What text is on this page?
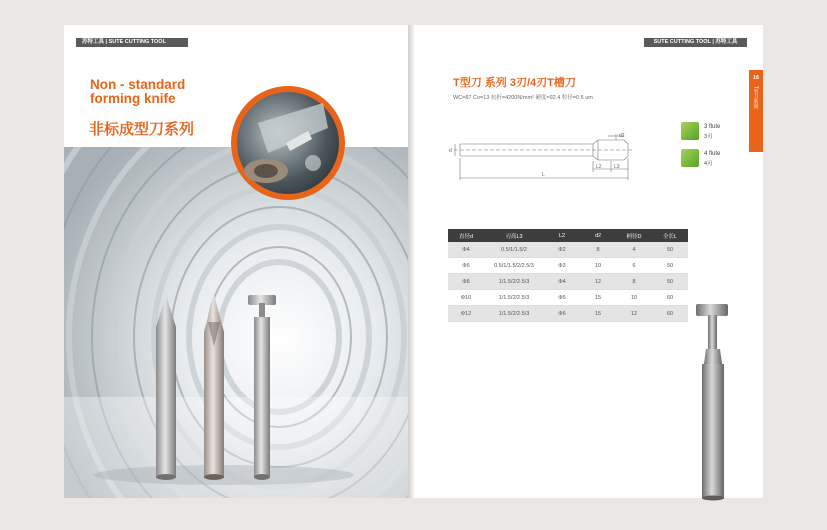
苏特工具 | SUTE CUTTING TOOL
Non - standard
forming knife
非标成型刀系列
SUTE CUTTING TOOL | 苏特工具
T型刀 系列 3刃/4刃T槽刀
WC=87 Co=13 抗折=4200N/mm² 硬度=92.4 粒径=0.5 um
16
T型刀系列
d
d2
L2 L3
L
3 flute
3刃
4 flute
4刃
直径d	刃高L3	L2	d2	柄径D	全长L
Φ4	0.5/1/1.5/2	Φ2	8	4	50
Φ6	0.5/1/1.5/2/2.5/3	Φ3	10	6	50
Φ8	1/1.5/2/2.5/3	Φ4	12	8	50
Φ10	1/1.5/2/2.5/3	Φ5	15	10	60
Φ12	1/1.5/2/2.5/3	Φ6	15	12	60
